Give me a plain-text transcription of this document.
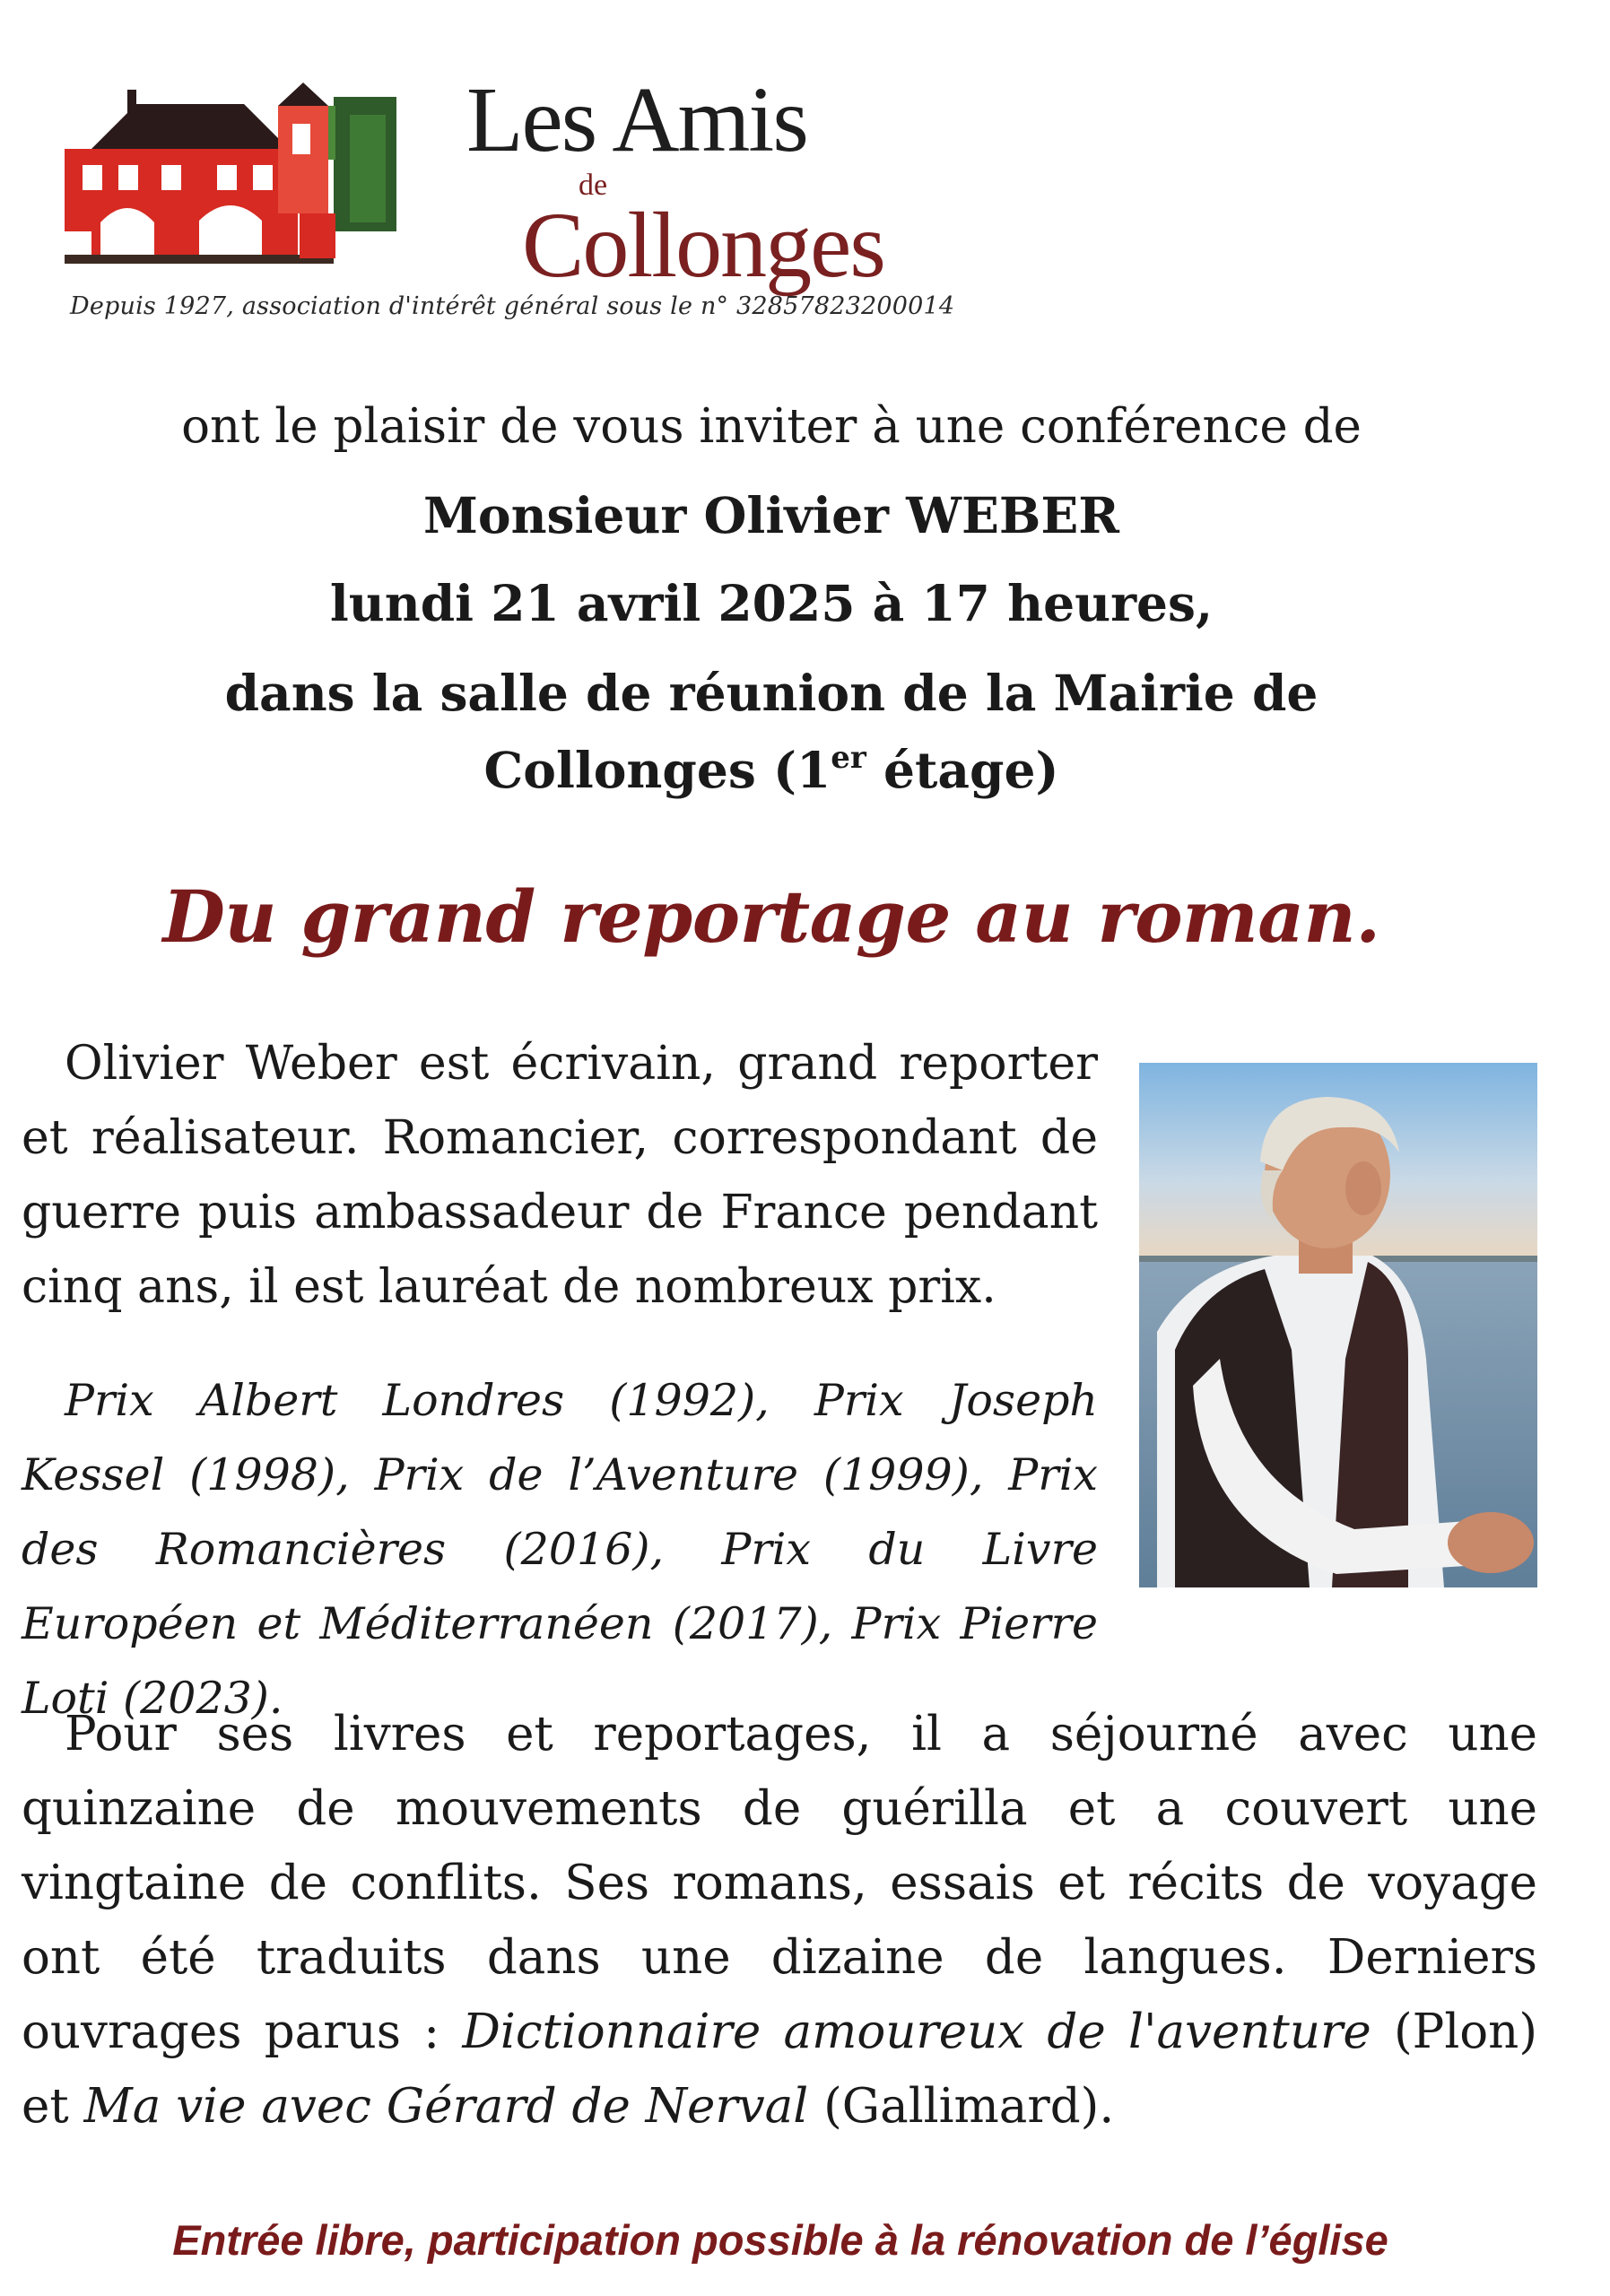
Les Amis
de
Collonges
Depuis 1927, association d'intérêt général sous le n° 32857823200014
ont le plaisir de vous inviter à une conférence de
Monsieur Olivier WEBER
lundi 21 avril 2025 à 17 heures,
dans la salle de réunion de la Mairie de
Collonges (1er étage)
Du grand reportage au roman.

Olivier Weber est écrivain, grand reporter et réalisateur. Romancier, correspondant de guerre puis ambassadeur de France pendant cinq ans, il est lauréat de nombreux prix.

Prix Albert Londres (1992), Prix Joseph Kessel (1998), Prix de l’Aventure (1999), Prix des Romancières (2016), Prix du Livre Européen et Méditerranéen (2017), Prix Pierre Loti (2023).

Pour ses livres et reportages, il a séjourné avec une quinzaine de mouvements de guérilla et a couvert une vingtaine de conflits. Ses romans, essais et récits de voyage ont été traduits dans une dizaine de langues. Derniers ouvrages parus : Dictionnaire amoureux de l'aventure (Plon) et Ma vie avec Gérard de Nerval (Gallimard).

Entrée libre, participation possible à la rénovation de l’église
